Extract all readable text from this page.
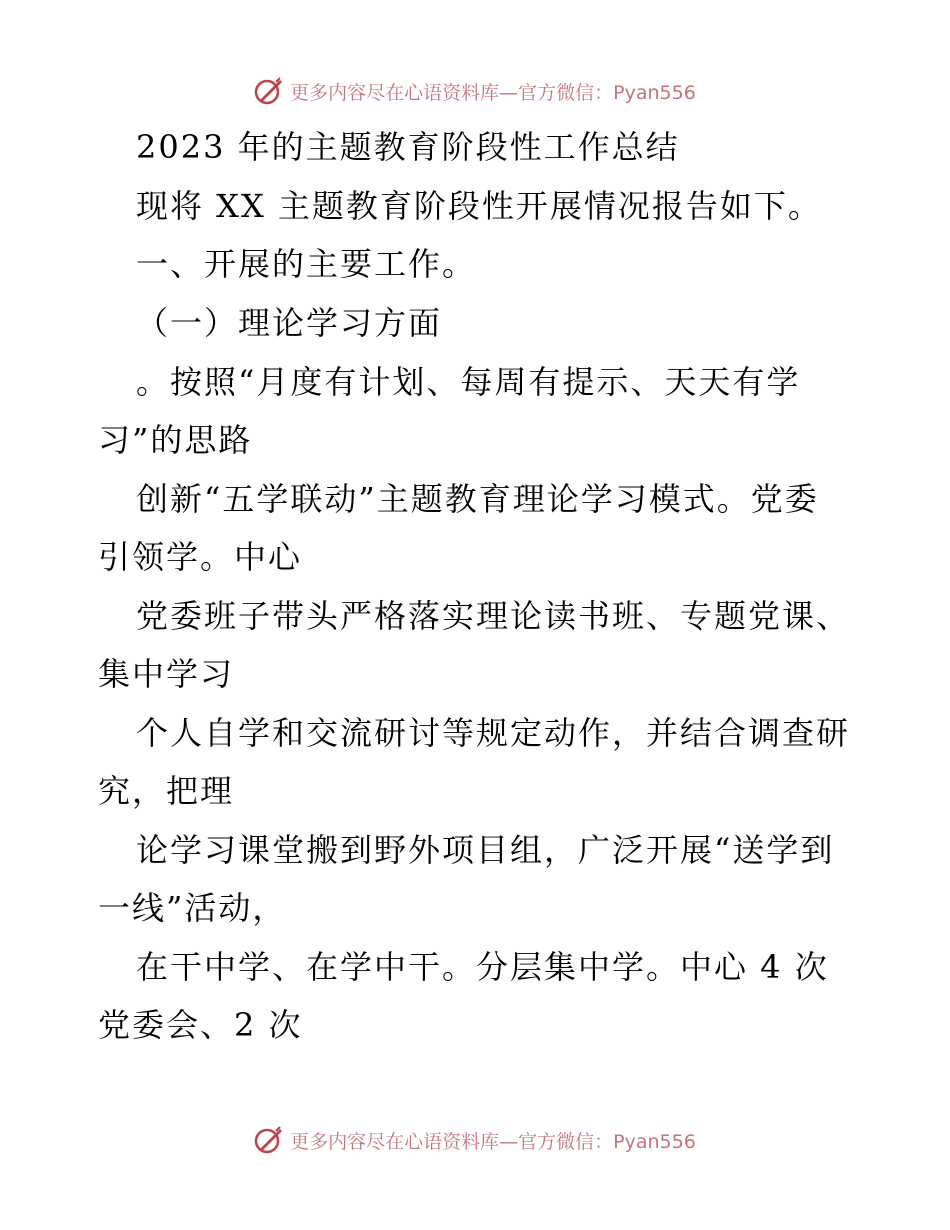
更多内容尽在心语资料库—官方微信：Pyan556
2023 年的主题教育阶段性工作总结
现将 XX 主题教育阶段性开展情况报告如下。
一、开展的主要工作。
（一）理论学习方面
。按照“月度有计划、每周有提示、天天有学
习”的思路
创新“五学联动”主题教育理论学习模式。党委
引领学。中心
党委班子带头严格落实理论读书班、专题党课、
集中学习
个人自学和交流研讨等规定动作，并结合调查研
究，把理
论学习课堂搬到野外项目组，广泛开展“送学到
一线”活动，
在干中学、在学中干。分层集中学。中心 4 次
党委会、2 次
更多内容尽在心语资料库—官方微信：Pyan556
